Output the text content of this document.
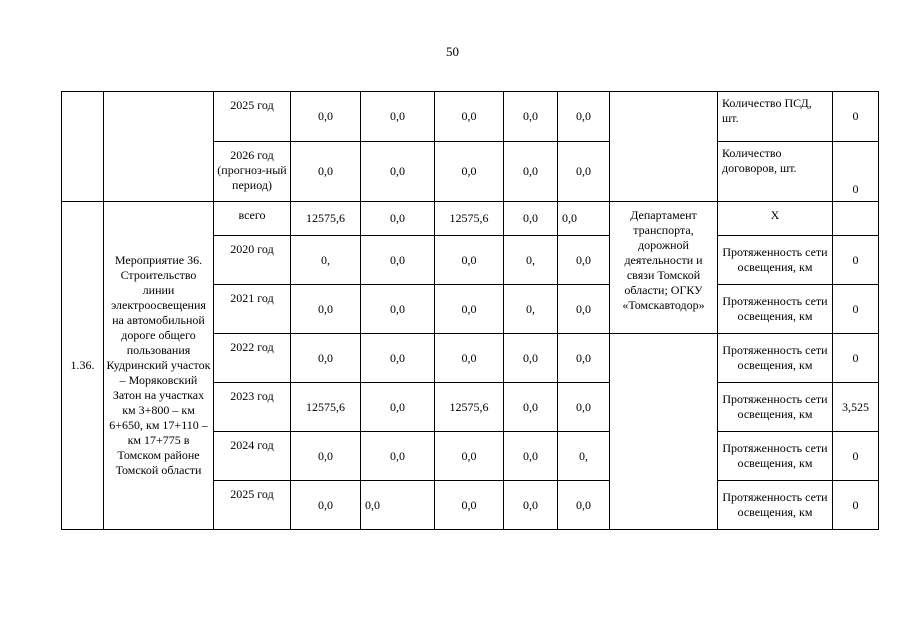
50
		2025 год	0,0	0,0	0,0	0,0	0,0		Количество ПСД, шт.	0
		2026 год (прогноз-ный период)	0,0	0,0	0,0	0,0	0,0		Количество договоров, шт.	0
1.36.	Мероприятие 36. Строительство линии электроосвещения на автомобильной дороге общего пользования Кудринский участок – Моряковский Затон на участках км 3+800 – км 6+650, км 17+110 – км 17+775 в Томском районе Томской области	всего	12575,6	0,0	12575,6	0,0	0,0	Департамент транспорта, дорожной деятельности и связи Томской области; ОГКУ «Томскавтодор»	Х	
		2020 год	0,	0,0	0,0	0,	0,0		Протяженность сети освещения, км	0
		2021 год	0,0	0,0	0,0	0,	0,0		Протяженность сети освещения, км	0
		2022 год	0,0	0,0	0,0	0,0	0,0		Протяженность сети освещения, км	0
		2023 год	12575,6	0,0	12575,6	0,0	0,0		Протяженность сети освещения, км	3,525
		2024 год	0,0	0,0	0,0	0,0	0,		Протяженность сети освещения, км	0
		2025 год	0,0	0,0	0,0	0,0	0,0		Протяженность сети освещения, км	0
